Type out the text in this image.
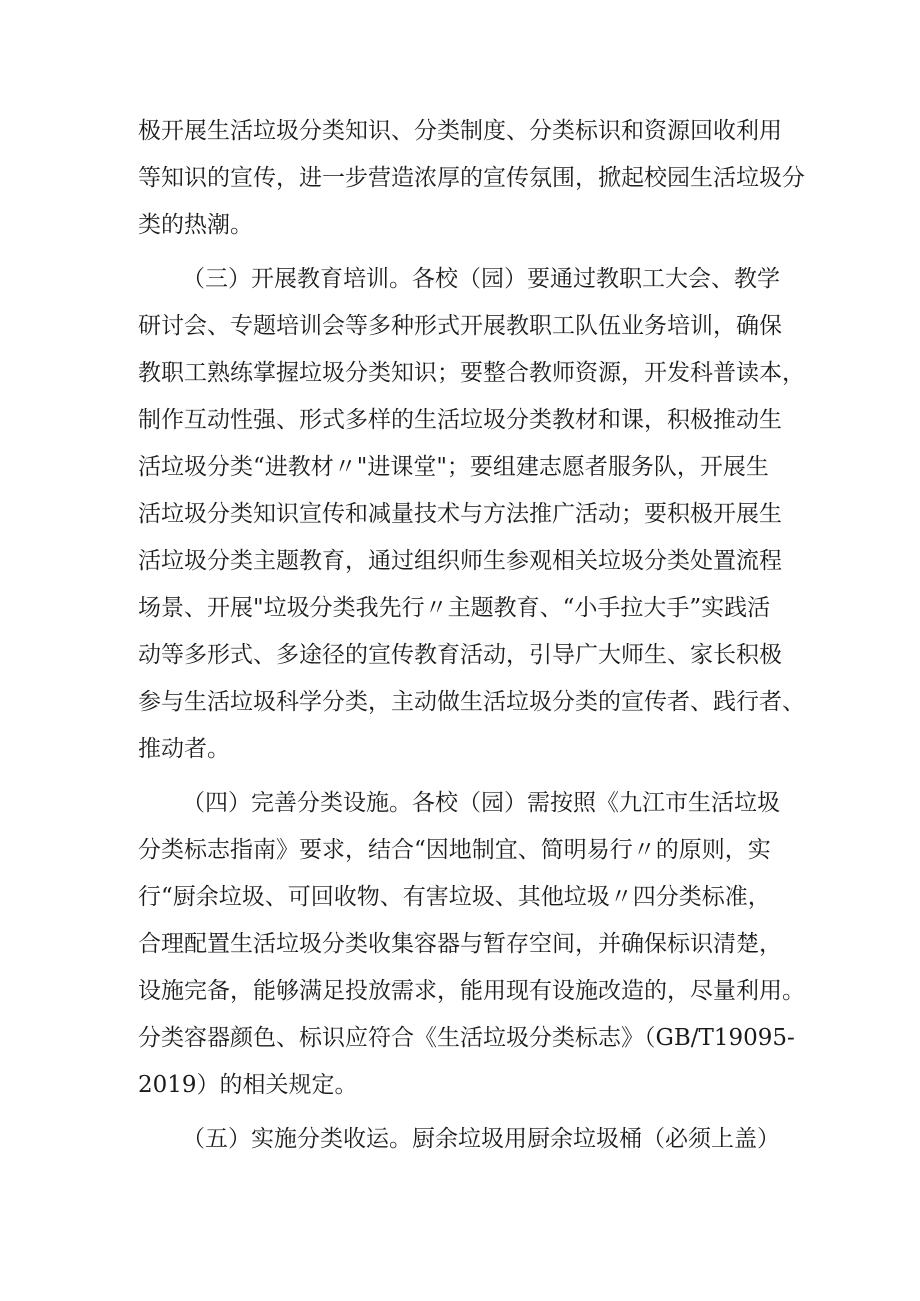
极开展生活垃圾分类知识、分类制度、分类标识和资源回收利用
等知识的宣传，进一步营造浓厚的宣传氛围，掀起校园生活垃圾分
类的热潮。
（三）开展教育培训。各校（园）要通过教职工大会、教学
研讨会、专题培训会等多种形式开展教职工队伍业务培训，确保
教职工熟练掌握垃圾分类知识；要整合教师资源，开发科普读本，
制作互动性强、形式多样的生活垃圾分类教材和课，积极推动生
活垃圾分类“进教材〃"进课堂"；要组建志愿者服务队，开展生
活垃圾分类知识宣传和减量技术与方法推广活动；要积极开展生
活垃圾分类主题教育，通过组织师生参观相关垃圾分类处置流程
场景、开展"垃圾分类我先行〃主题教育、“小手拉大手”实践活
动等多形式、多途径的宣传教育活动，引导广大师生、家长积极
参与生活垃圾科学分类，主动做生活垃圾分类的宣传者、践行者、
推动者。
（四）完善分类设施。各校（园）需按照《九江市生活垃圾
分类标志指南》要求，结合“因地制宜、简明易行〃的原则，实
行“厨余垃圾、可回收物、有害垃圾、其他垃圾〃四分类标准，
合理配置生活垃圾分类收集容器与暂存空间，并确保标识清楚，
设施完备，能够满足投放需求，能用现有设施改造的，尽量利用。
分类容器颜色、标识应符合《生活垃圾分类标志》（GB/T19095-
2019）的相关规定。
（五）实施分类收运。厨余垃圾用厨余垃圾桶（必须上盖）
